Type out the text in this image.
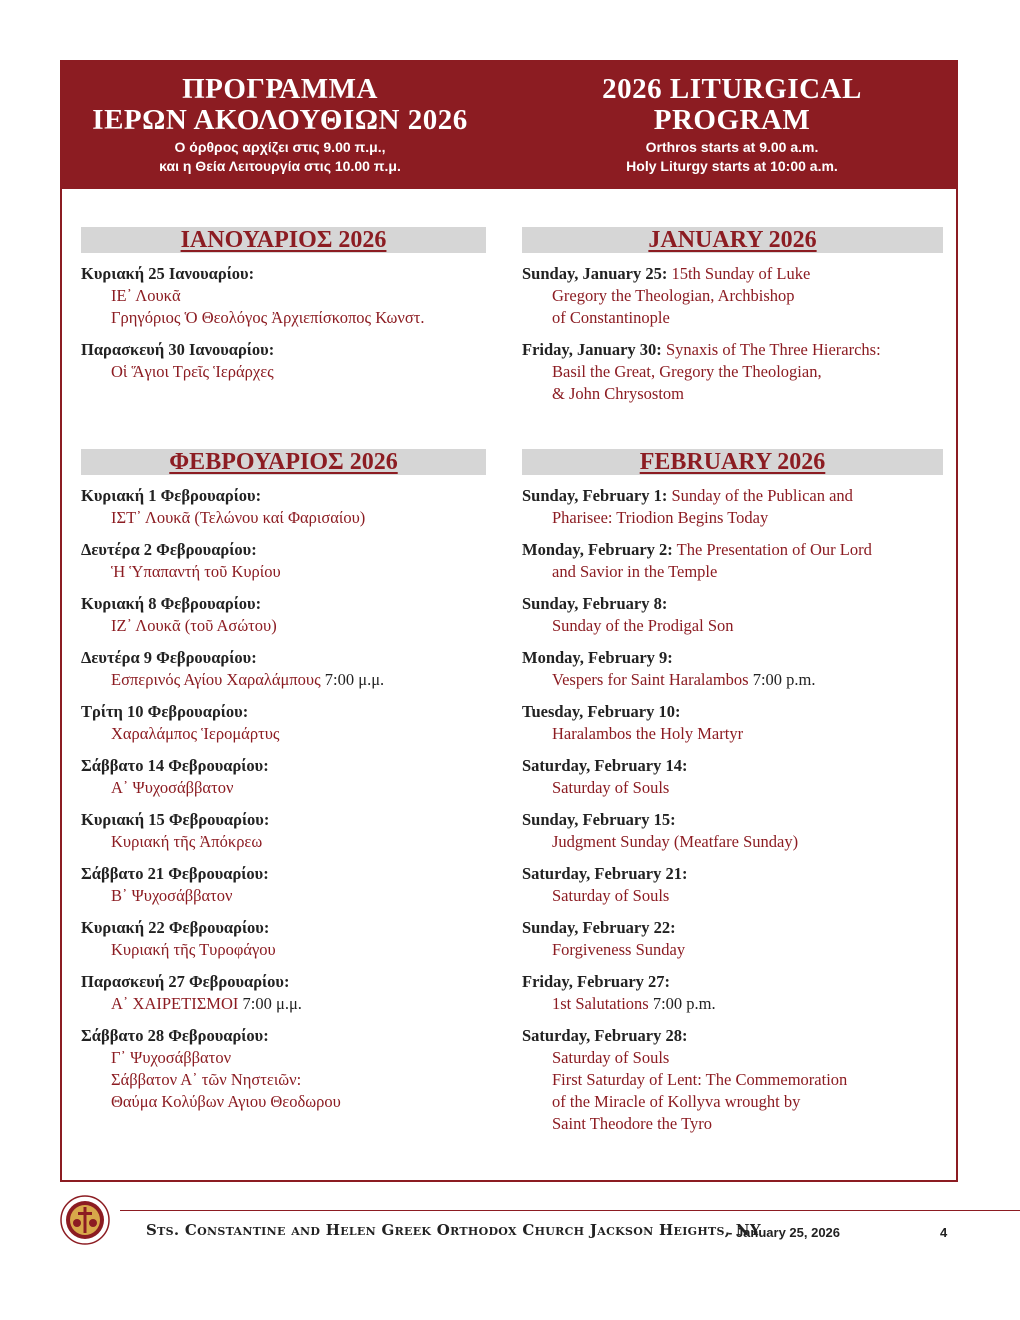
ΠΡΟΓΡΑΜΜΑ
ΙΕΡΩΝ ΑΚΟΛΟΥΘΙΩΝ 2026
Ο όρθρος αρχίζει στις 9.00 π.μ.,
και η Θεία Λειτουργία στις 10.00 π.μ.
2026 LITURGICAL
PROGRAM
Orthros starts at 9.00 a.m.
Holy Liturgy starts at 10:00 a.m.
ΙΑΝΟΥΑΡΙΟΣ 2026
Κυριακή 25 Ιανουαρίου:
ΙΕ᾽ Λουκᾶ
Γρηγόριος Ὁ Θεολόγος Ἀρχιεπίσκοπος Κωνστ.
Παρασκευή 30 Ιανουαρίου:
Οἱ Ἅγιοι Τρεῖς Ἱεράρχες
JANUARY 2026
Sunday, January 25: 15th Sunday of Luke
Gregory the Theologian, Archbishop
of Constantinople
Friday, January 30: Synaxis of The Three Hierarchs:
Basil the Great, Gregory the Theologian,
& John Chrysostom
ΦΕΒΡΟΥΑΡΙΟΣ 2026
Κυριακή 1 Φεβρουαρίου:
ΙΣΤ᾽ Λουκᾶ (Τελώνου καί Φαρισαίου)
Δευτέρα 2 Φεβρουαρίου:
Ἡ Ὑπαπαντή τοῦ Κυρίου
Κυριακή 8 Φεβρουαρίου:
ΙΖ᾽ Λουκᾶ (τοῦ Ασώτου)
Δευτέρα 9 Φεβρουαρίου:
Εσπερινός Αγίου Χαραλάμπους 7:00 μ.μ.
Τρίτη 10 Φεβρουαρίου:
Χαραλάμπος Ἱερομάρτυς
Σάββατο 14 Φεβρουαρίου:
Α᾽ Ψυχοσάββατον
Κυριακή 15 Φεβρουαρίου:
Κυριακή τῆς Ἀπόκρεω
Σάββατο 21 Φεβρουαρίου:
Β᾽ Ψυχοσάββατον
Κυριακή 22 Φεβρουαρίου:
Κυριακή τῆς Τυροφάγου
Παρασκευή 27 Φεβρουαρίου:
Α᾽ ΧΑΙΡΕΤΙΣΜΟΙ 7:00 μ.μ.
Σάββατο 28 Φεβρουαρίου:
Γ᾽ Ψυχοσάββατον
Σάββατον Α᾽ τῶν Νηστειῶν:
Θαύμα Κολύβων Αγιου Θεοδωρου
FEBRUARY 2026
Sunday, February 1: Sunday of the Publican and
Pharisee: Triodion Begins Today
Monday, February 2: The Presentation of Our Lord
and Savior in the Temple
Sunday, February 8:
Sunday of the Prodigal Son
Monday, February 9:
Vespers for Saint Haralambos 7:00 p.m.
Tuesday, February 10:
Haralambos the Holy Martyr
Saturday, February 14:
Saturday of Souls
Sunday, February 15:
Judgment Sunday (Meatfare Sunday)
Saturday, February 21:
Saturday of Souls
Sunday, February 22:
Forgiveness Sunday
Friday, February 27:
1st Salutations 7:00 p.m.
Saturday, February 28:
Saturday of Souls
First Saturday of Lent: The Commemoration
of the Miracle of Kollyva wrought by
Saint Theodore the Tyro
Sts. Constantine and Helen Greek Orthodox Church Jackson Heights, NY
- January 25, 2026	4
